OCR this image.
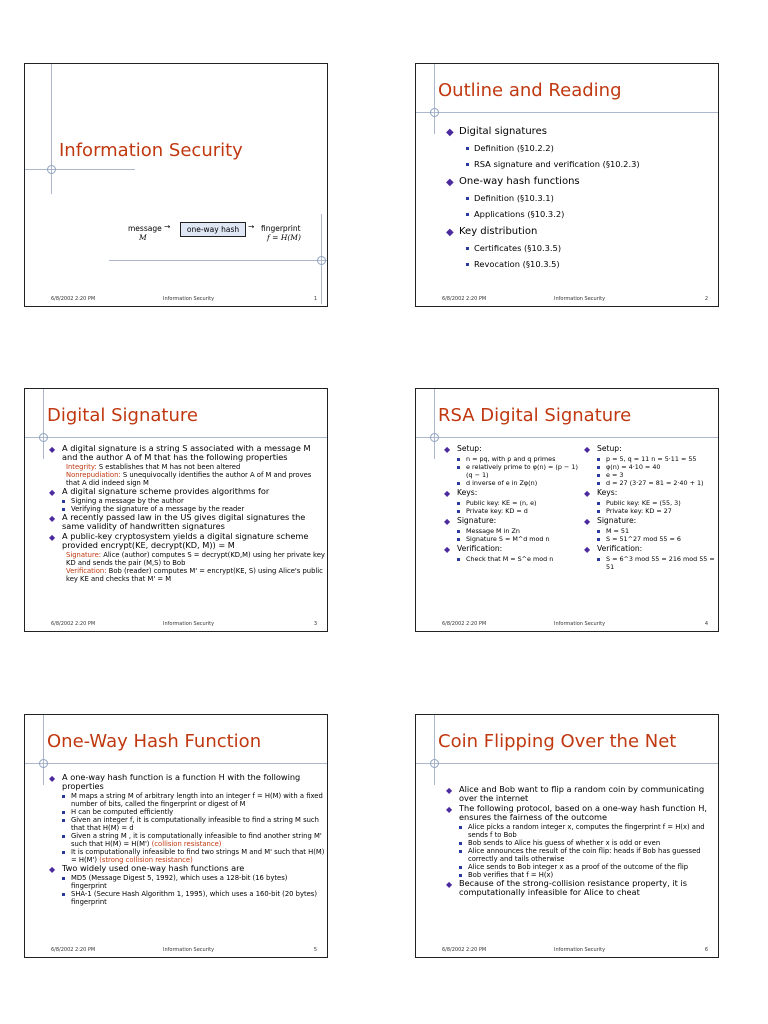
Information Security
message
M
→	one-way hash	→ fingerprint
f = H(M)
6/8/2002 2:20 PM	Information Security	1
Outline and Reading
◆ Digital signatures
Definition (§10.2.2)
RSA signature and verification (§10.2.3)
◆ One-way hash functions
Definition (§10.3.1)
Applications (§10.3.2)
◆ Key distribution
Certificates (§10.3.5)
Revocation (§10.3.5)
6/8/2002 2:20 PM	Information Security	2
Digital Signature
◆ A digital signature is a string S associated with a message M and the author A of M that has the following properties
Integrity: S establishes that M has not been altered
Nonrepudiation: S unequivocally identifies the author A of M and proves that A did indeed sign M
◆ A digital signature scheme provides algorithms for
Signing a message by the author
Verifying the signature of a message by the reader
◆ A recently passed law in the US gives digital signatures the same validity of handwritten signatures
◆ A public-key cryptosystem yields a digital signature scheme provided encrypt(KE, decrypt(KD, M)) = M
Signature: Alice (author) computes S = decrypt(KD,M) using her private key KD and sends the pair (M,S) to Bob
Verification: Bob (reader) computes M' = encrypt(KE, S) using Alice's public key KE and checks that M' = M
6/8/2002 2:20 PM	Information Security	3
RSA Digital Signature
◆ Setup:
n = pq, with p and q primes
e relatively prime to φ(n) = (p − 1) (q − 1)
d inverse of e in Zφ(n)
◆ Keys:
Public key: KE = (n, e)
Private key: KD = d
◆ Signature:
Message M in Zn
Signature S = M^d mod n
◆ Verification:
Check that M = S^e mod n
◆ Setup:
p = 5, q = 11 n = 5·11 = 55
φ(n) = 4·10 = 40
e = 3
d = 27 (3·27 = 81 = 2·40 + 1)
◆ Keys:
Public key: KE = (55, 3)
Private key: KD = 27
◆ Signature:
M = 51
S = 51^27 mod 55 = 6
◆ Verification:
S = 6^3 mod 55 = 216 mod 55 = 51
6/8/2002 2:20 PM	Information Security	4
One-Way Hash Function
◆ A one-way hash function is a function H with the following properties
M maps a string M of arbitrary length into an integer f = H(M) with a fixed number of bits, called the fingerprint or digest of M
H can be computed efficiently
Given an integer f, it is computationally infeasible to find a string M such that that H(M) = d
Given a string M , it is computationally infeasible to find another string M' such that H(M) = H(M') (collision resistance)
It is computationally infeasible to find two strings M and M' such that H(M) = H(M') (strong collision resistance)
◆ Two widely used one-way hash functions are
MD5 (Message Digest 5, 1992), which uses a 128-bit (16 bytes) fingerprint
SHA-1 (Secure Hash Algorithm 1, 1995), which uses a 160-bit (20 bytes) fingerprint
6/8/2002 2:20 PM	Information Security	5
Coin Flipping Over the Net
◆ Alice and Bob want to flip a random coin by communicating over the internet
◆ The following protocol, based on a one-way hash function H, ensures the fairness of the outcome
Alice picks a random integer x, computes the fingerprint f = H(x) and sends f to Bob
Bob sends to Alice his guess of whether x is odd or even
Alice announces the result of the coin flip: heads if Bob has guessed correctly and tails otherwise
Alice sends to Bob integer x as a proof of the outcome of the flip
Bob verifies that f = H(x)
◆ Because of the strong-collision resistance property, it is computationally infeasible for Alice to cheat
6/8/2002 2:20 PM	Information Security	6
